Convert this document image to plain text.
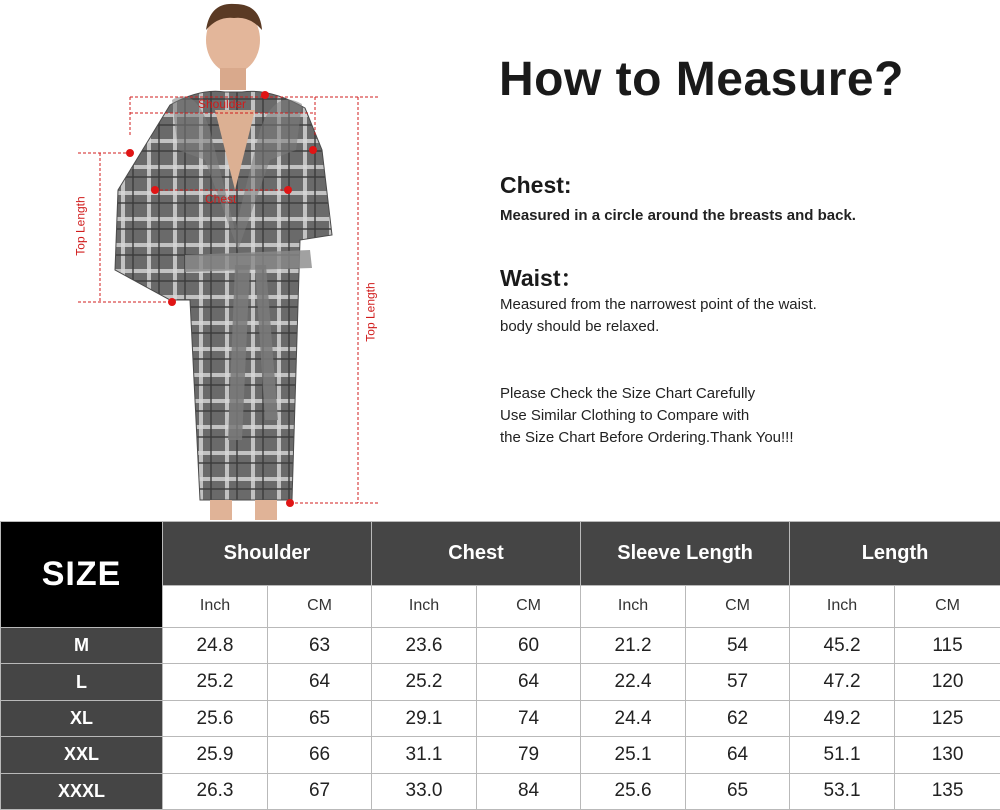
Shoulder
Chest
Top Length
Top Length
How to Measure?
Chest:
Measured in a circle around the breasts and back.
Waist：
Measured from the narrowest point of the waist.
body should be relaxed.
Please Check the Size Chart Carefully
Use Similar Clothing to Compare with
the Size Chart Before Ordering.Thank You!!!
SIZE	Shoulder		Chest		Sleeve Length		Length	
	Inch	CM	Inch	CM	Inch	CM	Inch	CM
M	24.8	63	23.6	60	21.2	54	45.2	115
L	25.2	64	25.2	64	22.4	57	47.2	120
XL	25.6	65	29.1	74	24.4	62	49.2	125
XXL	25.9	66	31.1	79	25.1	64	51.1	130
XXXL	26.3	67	33.0	84	25.6	65	53.1	135
